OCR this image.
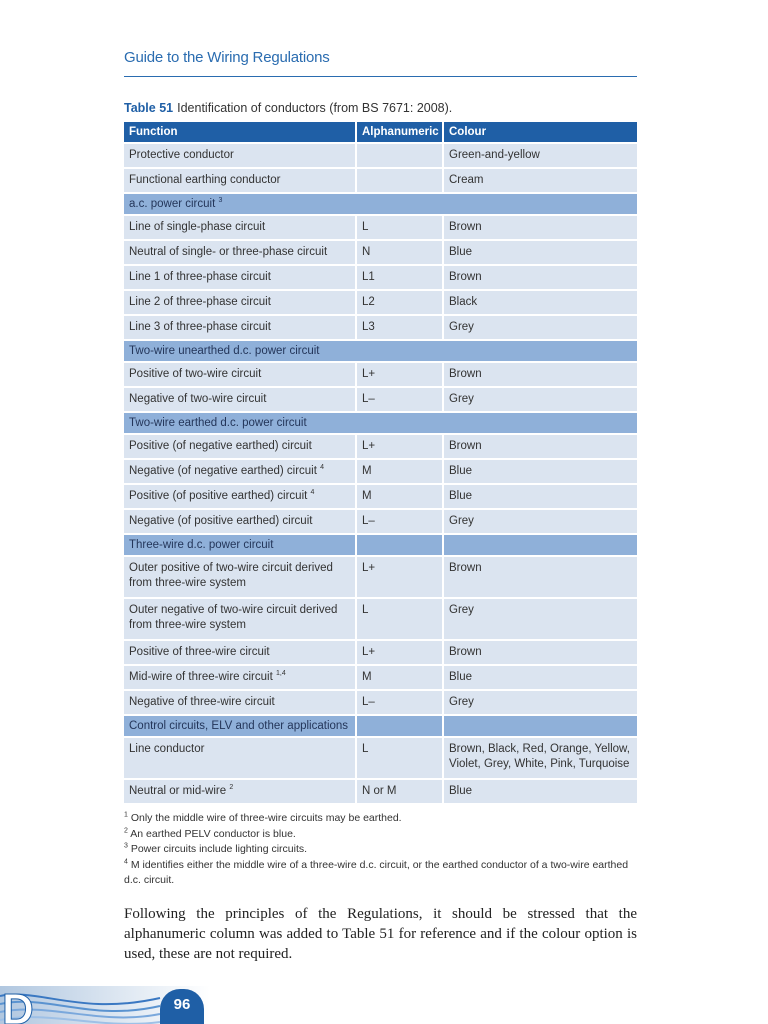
Guide to the Wiring Regulations
Table 51 Identification of conductors (from BS 7671: 2008).
Function	Alphanumeric	Colour
Protective conductor		Green-and-yellow
Functional earthing conductor		Cream
a.c. power circuit $^3$
Line of single-phase circuit	L	Brown
Neutral of single- or three-phase circuit	N	Blue
Line 1 of three-phase circuit	L1	Brown
Line 2 of three-phase circuit	L2	Black
Line 3 of three-phase circuit	L3	Grey
Two-wire unearthed d.c. power circuit		
Positive of two-wire circuit	L+	Brown
Negative of two-wire circuit	L–	Grey
Two-wire earthed d.c. power circuit		
Positive (of negative earthed) circuit	L+	Brown
Negative (of negative earthed) circuit $^4$	M	Blue
Positive (of positive earthed) circuit $^4$	M	Blue
Negative (of positive earthed) circuit	L–	Grey
Three-wire d.c. power circuit		
Outer positive of two-wire circuit derived from three-wire system	L+	Brown
Outer negative of two-wire circuit derived from three-wire system	L	Grey
Positive of three-wire circuit	L+	Brown
Mid-wire of three-wire circuit $^{1,4}$	M	Blue
Negative of three-wire circuit	L–	Grey
Control circuits, ELV and other applications		
Line conductor	L	Brown, Black, Red, Orange, Yellow, Violet, Grey, White, Pink, Turquoise
Neutral or mid-wire $^2$	N or M	Blue

$^1$ Only the middle wire of three-wire circuits may be earthed.

$^2$ An earthed PELV conductor is blue.

$^3$ Power circuits include lighting circuits.

$^4$ M identifies either the middle wire of a three-wire d.c. circuit, or the earthed conductor of a two-wire earthed d.c. circuit.

Following the principles of the Regulations, it should be stressed that the alphanumeric column was added to Table 51 for reference and if the colour option is used, these are not required.
D	96
